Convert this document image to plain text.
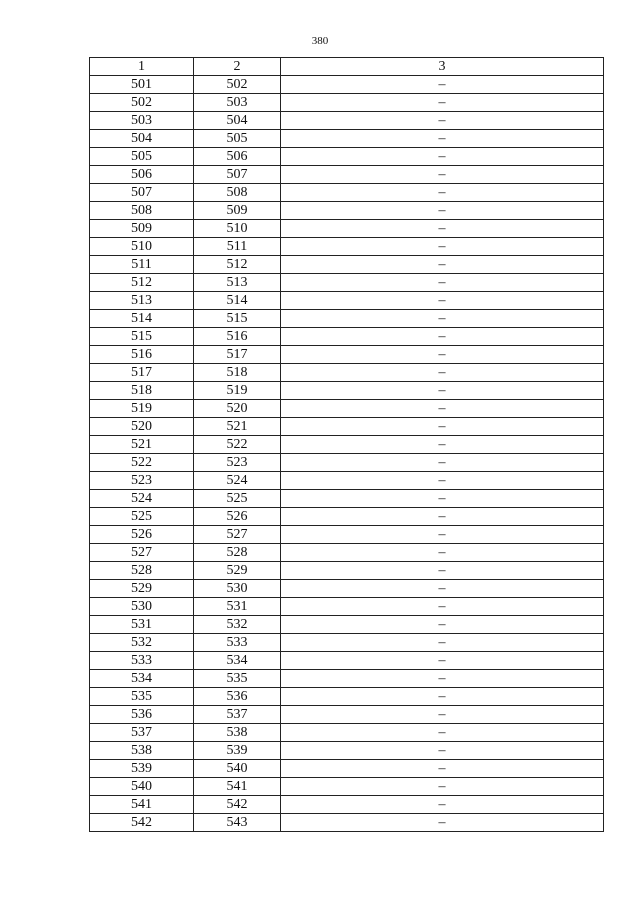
380
1	2	3
501	502	–
502	503	–
503	504	–
504	505	–
505	506	–
506	507	–
507	508	–
508	509	–
509	510	–
510	511	–
511	512	–
512	513	–
513	514	–
514	515	–
515	516	–
516	517	–
517	518	–
518	519	–
519	520	–
520	521	–
521	522	–
522	523	–
523	524	–
524	525	–
525	526	–
526	527	–
527	528	–
528	529	–
529	530	–
530	531	–
531	532	–
532	533	–
533	534	–
534	535	–
535	536	–
536	537	–
537	538	–
538	539	–
539	540	–
540	541	–
541	542	–
542	543	–
